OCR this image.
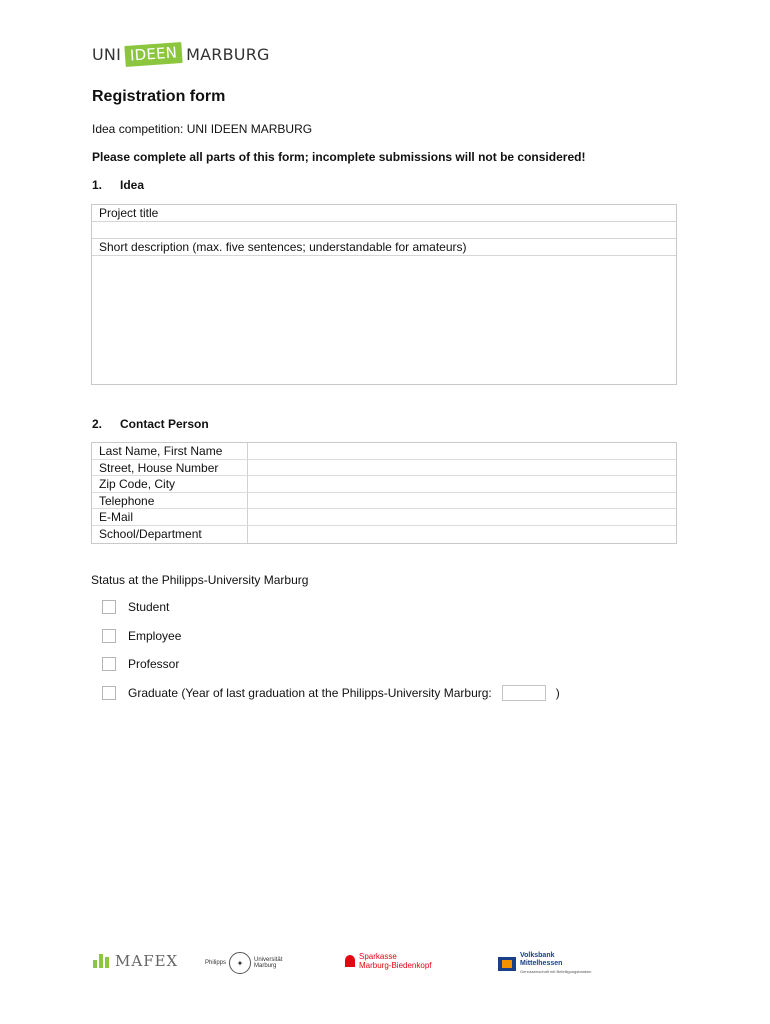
UNI IDEEN MARBURG
Registration form
Idea competition: UNI IDEEN MARBURG
Please complete all parts of this form; incomplete submissions will not be considered!
1. Idea
Project title
Short description (max. five sentences; understandable for amateurs)
2. Contact Person
Last Name, First Name
Street, House Number
Zip Code, City
Telephone
E-Mail
School/Department
Status at the Philipps-University Marburg
Student
Employee
Professor
Graduate (Year of last graduation at the Philipps-University Marburg:	)
MAFEX	Philipps	✦	Universität
Marburg
Sparkasse
Marburg-Biedenkopf
Volksbank
Mittelhessen
Genossenschaft mit Beteiligungsbanken
